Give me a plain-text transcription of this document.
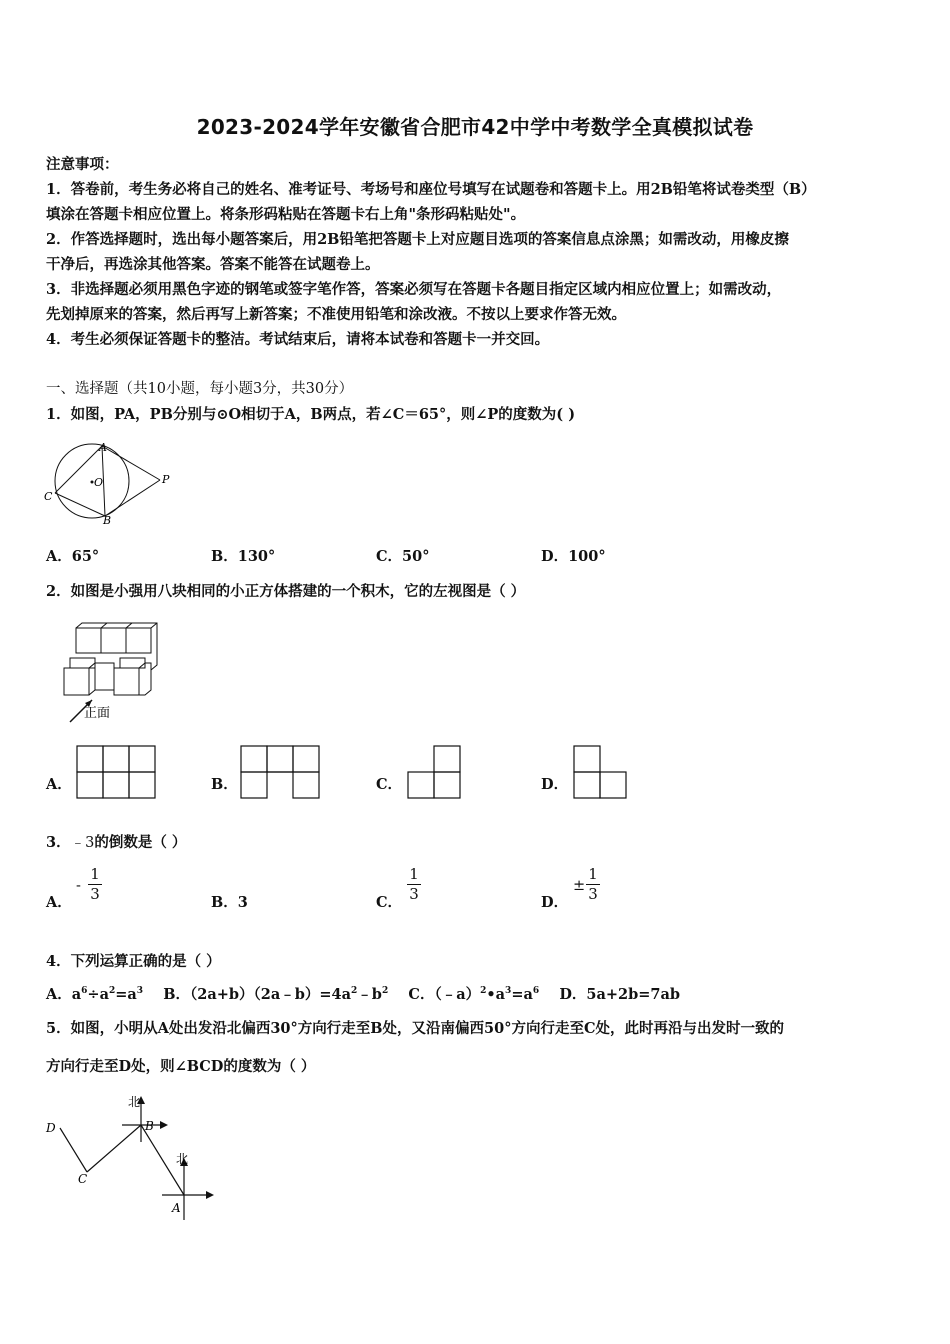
2023-2024学年安徽省合肥市42中学中考数学全真模拟试卷
注意事项：
1．答卷前，考生务必将自己的姓名、准考证号、考场号和座位号填写在试题卷和答题卡上。用2B铅笔将试卷类型（B）
填涂在答题卡相应位置上。将条形码粘贴在答题卡右上角"条形码粘贴处"。
2．作答选择题时，选出每小题答案后，用2B铅笔把答题卡上对应题目选项的答案信息点涂黑；如需改动，用橡皮擦
干净后，再选涂其他答案。答案不能答在试题卷上。
3．非选择题必须用黑色字迹的钢笔或签字笔作答，答案必须写在答题卡各题目指定区域内相应位置上；如需改动，
先划掉原来的答案，然后再写上新答案；不准使用铅笔和涂改液。不按以上要求作答无效。
4．考生必须保证答题卡的整洁。考试结束后，请将本试卷和答题卡一并交回。
一、选择题（共10小题，每小题3分，共30分）
1．如图，PA，PB分别与⊙O相切于A，B两点，若∠C＝65°，则∠P的度数为( )
A
B
C
O	P
A．65°	B．130°	C．50°	D．100°
2．如图是小强用八块相同的小正方体搭建的一个积木，它的左视图是（ ）
正面
A．	B．	C．	D．
3．﹣3的倒数是（ ）
A．
-
1
3	B．3	C．
1
3	D．
±
1
3
4．下列运算正确的是（ ）
A．$a^6\div a^2=a^3$ B．$(2a+b)(2a﹣b)=4a^2﹣b^2$ C．$(﹣a)^2•a^3=a^6$ D．5a+2b=7ab
5．如图，小明从A处出发沿北偏西30°方向行走至B处，又沿南偏西50°方向行走至C处，此时再沿与出发时一致的
方向行走至D处，则∠BCD的度数为（ ）
北
北
B
A
C
D
